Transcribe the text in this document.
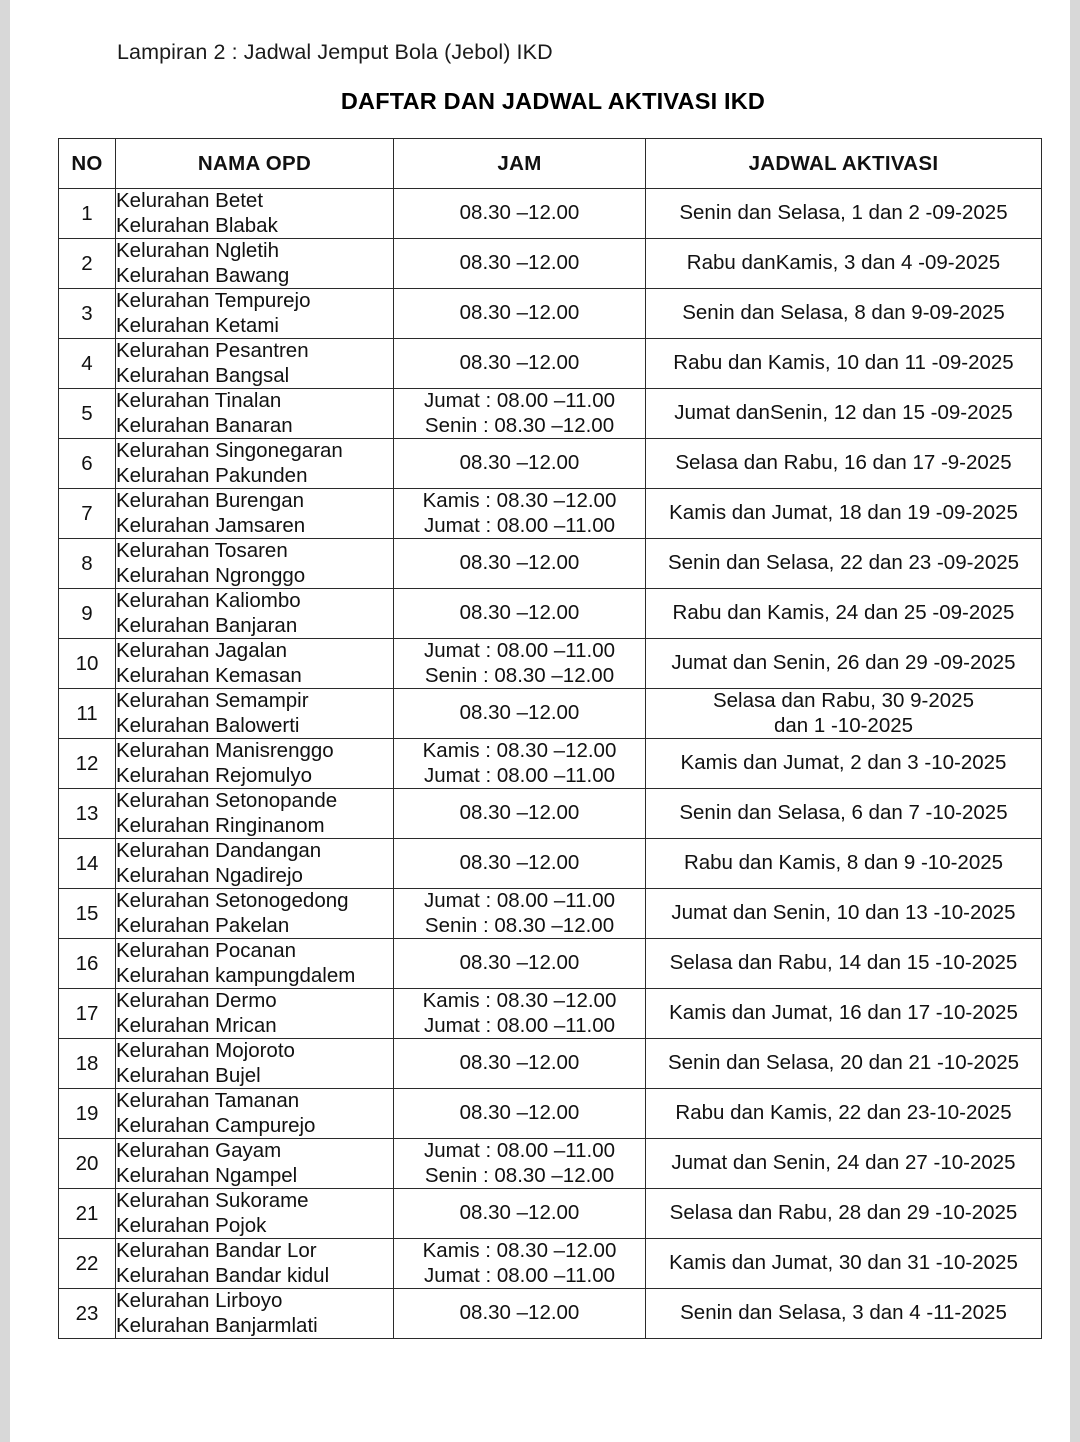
Lampiran 2 : Jadwal Jemput Bola (Jebol) IKD
DAFTAR DAN JADWAL AKTIVASI IKD
NO	NAMA OPD	JAM	JADWAL AKTIVASI
1	Kelurahan Betet
Kelurahan Blabak	08.30 –12.00	Senin dan Selasa, 1 dan 2 -09-2025

2	Kelurahan Ngletih
Kelurahan Bawang	08.30 –12.00	Rabu danKamis, 3 dan 4 -09-2025

3	Kelurahan Tempurejo
Kelurahan Ketami	08.30 –12.00	Senin dan Selasa, 8 dan 9-09-2025

4	Kelurahan Pesantren
Kelurahan Bangsal	08.30 –12.00	Rabu dan Kamis, 10 dan 11 -09-2025

5	Kelurahan Tinalan
Kelurahan Banaran	Jumat : 08.00 –11.00
Senin : 08.30 –12.00	Jumat danSenin, 12 dan 15 -09-2025

6	Kelurahan Singonegaran
Kelurahan Pakunden	08.30 –12.00	Selasa dan Rabu, 16 dan 17 -9-2025

7	Kelurahan Burengan
Kelurahan Jamsaren	Kamis : 08.30 –12.00
Jumat : 08.00 –11.00	Kamis dan Jumat, 18 dan 19 -09-2025

8	Kelurahan Tosaren
Kelurahan Ngronggo	08.30 –12.00	Senin dan Selasa, 22 dan 23 -09-2025

9	Kelurahan Kaliombo
Kelurahan Banjaran	08.30 –12.00	Rabu dan Kamis, 24 dan 25 -09-2025

10	Kelurahan Jagalan
Kelurahan Kemasan	Jumat : 08.00 –11.00
Senin : 08.30 –12.00	Jumat dan Senin, 26 dan 29 -09-2025

11	Kelurahan Semampir
Kelurahan Balowerti	08.30 –12.00	Selasa dan Rabu, 30 9-2025
dan 1 -10-2025

12	Kelurahan Manisrenggo
Kelurahan Rejomulyo	Kamis : 08.30 –12.00
Jumat : 08.00 –11.00	Kamis dan Jumat, 2 dan 3 -10-2025

13	Kelurahan Setonopande
Kelurahan Ringinanom	08.30 –12.00	Senin dan Selasa, 6 dan 7 -10-2025

14	Kelurahan Dandangan
Kelurahan Ngadirejo	08.30 –12.00	Rabu dan Kamis, 8 dan 9 -10-2025

15	Kelurahan Setonogedong
Kelurahan Pakelan	Jumat : 08.00 –11.00
Senin : 08.30 –12.00	Jumat dan Senin, 10 dan 13 -10-2025

16	Kelurahan Pocanan
Kelurahan kampungdalem	08.30 –12.00	Selasa dan Rabu, 14 dan 15 -10-2025

17	Kelurahan Dermo
Kelurahan Mrican	Kamis : 08.30 –12.00
Jumat : 08.00 –11.00	Kamis dan Jumat, 16 dan 17 -10-2025

18	Kelurahan Mojoroto
Kelurahan Bujel	08.30 –12.00	Senin dan Selasa, 20 dan 21 -10-2025

19	Kelurahan Tamanan
Kelurahan Campurejo	08.30 –12.00	Rabu dan Kamis, 22 dan 23-10-2025

20	Kelurahan Gayam
Kelurahan Ngampel	Jumat : 08.00 –11.00
Senin : 08.30 –12.00	Jumat dan Senin, 24 dan 27 -10-2025

21	Kelurahan Sukorame
Kelurahan Pojok	08.30 –12.00	Selasa dan Rabu, 28 dan 29 -10-2025

22	Kelurahan Bandar Lor
Kelurahan Bandar kidul	Kamis : 08.30 –12.00
Jumat : 08.00 –11.00	Kamis dan Jumat, 30 dan 31 -10-2025

23	Kelurahan Lirboyo
Kelurahan Banjarmlati	08.30 –12.00	Senin dan Selasa, 3 dan 4 -11-2025
